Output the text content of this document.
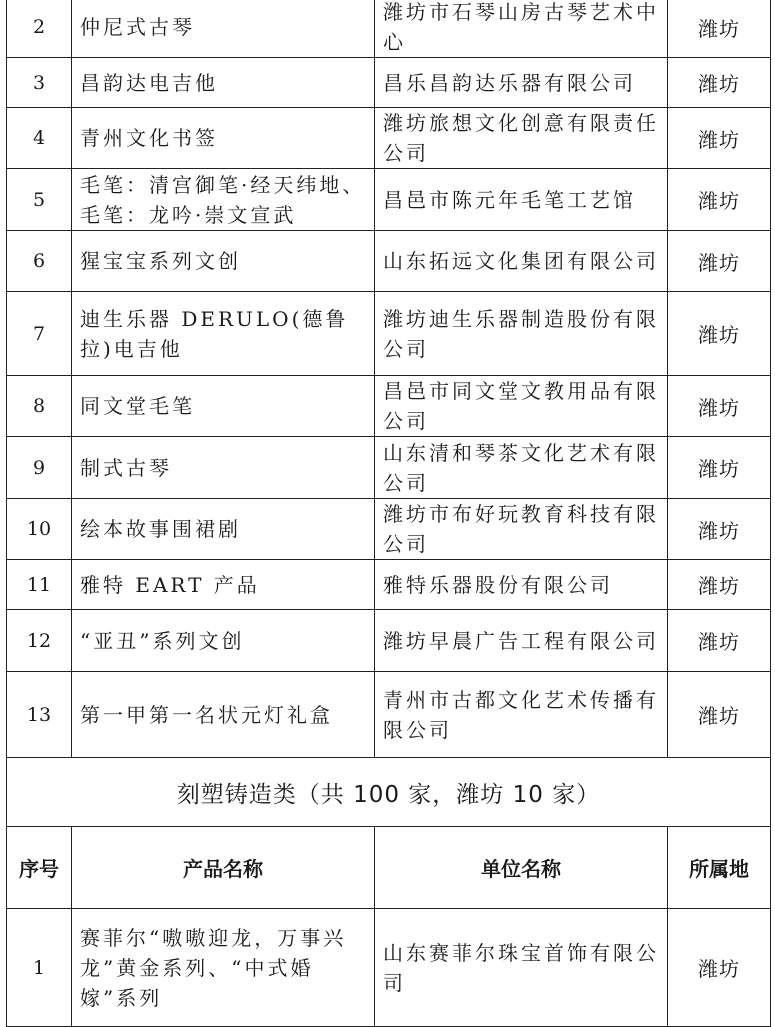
2	仲尼式古琴	潍坊市石琴山房古琴艺术中心	潍坊
3	昌韵达电吉他	昌乐昌韵达乐器有限公司	潍坊
4	青州文化书签	潍坊旅想文化创意有限责任公司	潍坊
5	毛笔：清宫御笔·经天纬地、毛笔：龙吟·崇文宣武	昌邑市陈元年毛笔工艺馆	潍坊
6	猩宝宝系列文创	山东拓远文化集团有限公司	潍坊
7	迪生乐器 DERULO(德鲁拉)电吉他	潍坊迪生乐器制造股份有限公司	潍坊
8	同文堂毛笔	昌邑市同文堂文教用品有限公司	潍坊
9	制式古琴	山东清和琴茶文化艺术有限公司	潍坊
10	绘本故事围裙剧	潍坊市布好玩教育科技有限公司	潍坊
11	雅特 EART 产品	雅特乐器股份有限公司	潍坊
12	“亚丑”系列文创	潍坊早晨广告工程有限公司	潍坊
13	第一甲第一名状元灯礼盒	青州市古都文化艺术传播有限公司	潍坊
刻塑铸造类（共 100 家，潍坊 10 家）			
序号	产品名称	单位名称	所属地
1	赛菲尔“嗷嗷迎龙，万事兴龙”黄金系列、“中式婚嫁”系列	山东赛菲尔珠宝首饰有限公司	潍坊
